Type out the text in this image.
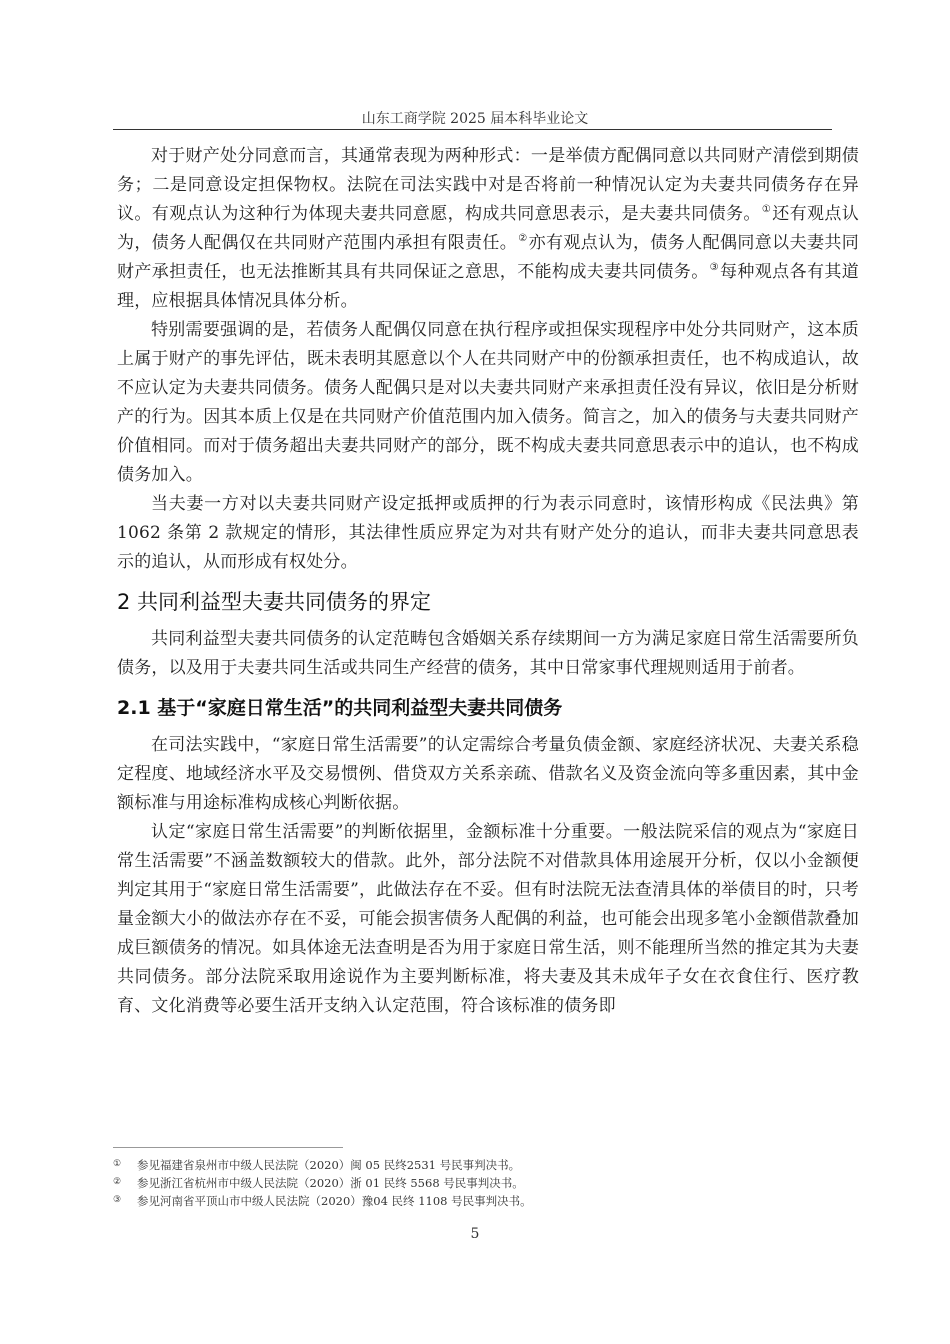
山东工商学院 2025 届本科毕业论文

对于财产处分同意而言，其通常表现为两种形式：一是举债方配偶同意以共同财产清偿到期债务；二是同意设定担保物权。法院在司法实践中对是否将前一种情况认定为夫妻共同债务存在异议。有观点认为这种行为体现夫妻共同意愿，构成共同意思表示，是夫妻共同债务。①还有观点认为，债务人配偶仅在共同财产范围内承担有限责任。②亦有观点认为，债务人配偶同意以夫妻共同财产承担责任，也无法推断其具有共同保证之意思，不能构成夫妻共同债务。③每种观点各有其道理，应根据具体情况具体分析。

特别需要强调的是，若债务人配偶仅同意在执行程序或担保实现程序中处分共同财产，这本质上属于财产的事先评估，既未表明其愿意以个人在共同财产中的份额承担责任，也不构成追认，故不应认定为夫妻共同债务。债务人配偶只是对以夫妻共同财产来承担责任没有异议，依旧是分析财产的行为。因其本质上仅是在共同财产价值范围内加入债务。简言之，加入的债务与夫妻共同财产价值相同。而对于债务超出夫妻共同财产的部分，既不构成夫妻共同意思表示中的追认，也不构成债务加入。

当夫妻一方对以夫妻共同财产设定抵押或质押的行为表示同意时，该情形构成《民法典》第 1062 条第 2 款规定的情形，其法律性质应界定为对共有财产处分的追认，而非夫妻共同意思表示的追认，从而形成有权处分。

2 共同利益型夫妻共同债务的界定

共同利益型夫妻共同债务的认定范畴包含婚姻关系存续期间一方为满足家庭日常生活需要所负债务，以及用于夫妻共同生活或共同生产经营的债务，其中日常家事代理规则适用于前者。

2.1 基于“家庭日常生活”的共同利益型夫妻共同债务

在司法实践中，“家庭日常生活需要”的认定需综合考量负债金额、家庭经济状况、夫妻关系稳定程度、地域经济水平及交易惯例、借贷双方关系亲疏、借款名义及资金流向等多重因素，其中金额标准与用途标准构成核心判断依据。

认定“家庭日常生活需要”的判断依据里，金额标准十分重要。一般法院采信的观点为“家庭日常生活需要”不涵盖数额较大的借款。此外，部分法院不对借款具体用途展开分析，仅以小金额便判定其用于“家庭日常生活需要”，此做法存在不妥。但有时法院无法查清具体的举债目的时，只考量金额大小的做法亦存在不妥，可能会损害债务人配偶的利益，也可能会出现多笔小金额借款叠加成巨额债务的情况。如具体途无法查明是否为用于家庭日常生活，则不能理所当然的推定其为夫妻共同债务。部分法院采取用途说作为主要判断标准，将夫妻及其未成年子女在衣食住行、医疗教育、文化消费等必要生活开支纳入认定范围，符合该标准的债务即

① 参见福建省泉州市中级人民法院（2020）闽 05 民终2531 号民事判决书。
② 参见浙江省杭州市中级人民法院（2020）浙 01 民终 5568 号民事判决书。
③ 参见河南省平顶山市中级人民法院（2020）豫04 民终 1108 号民事判决书。
5
